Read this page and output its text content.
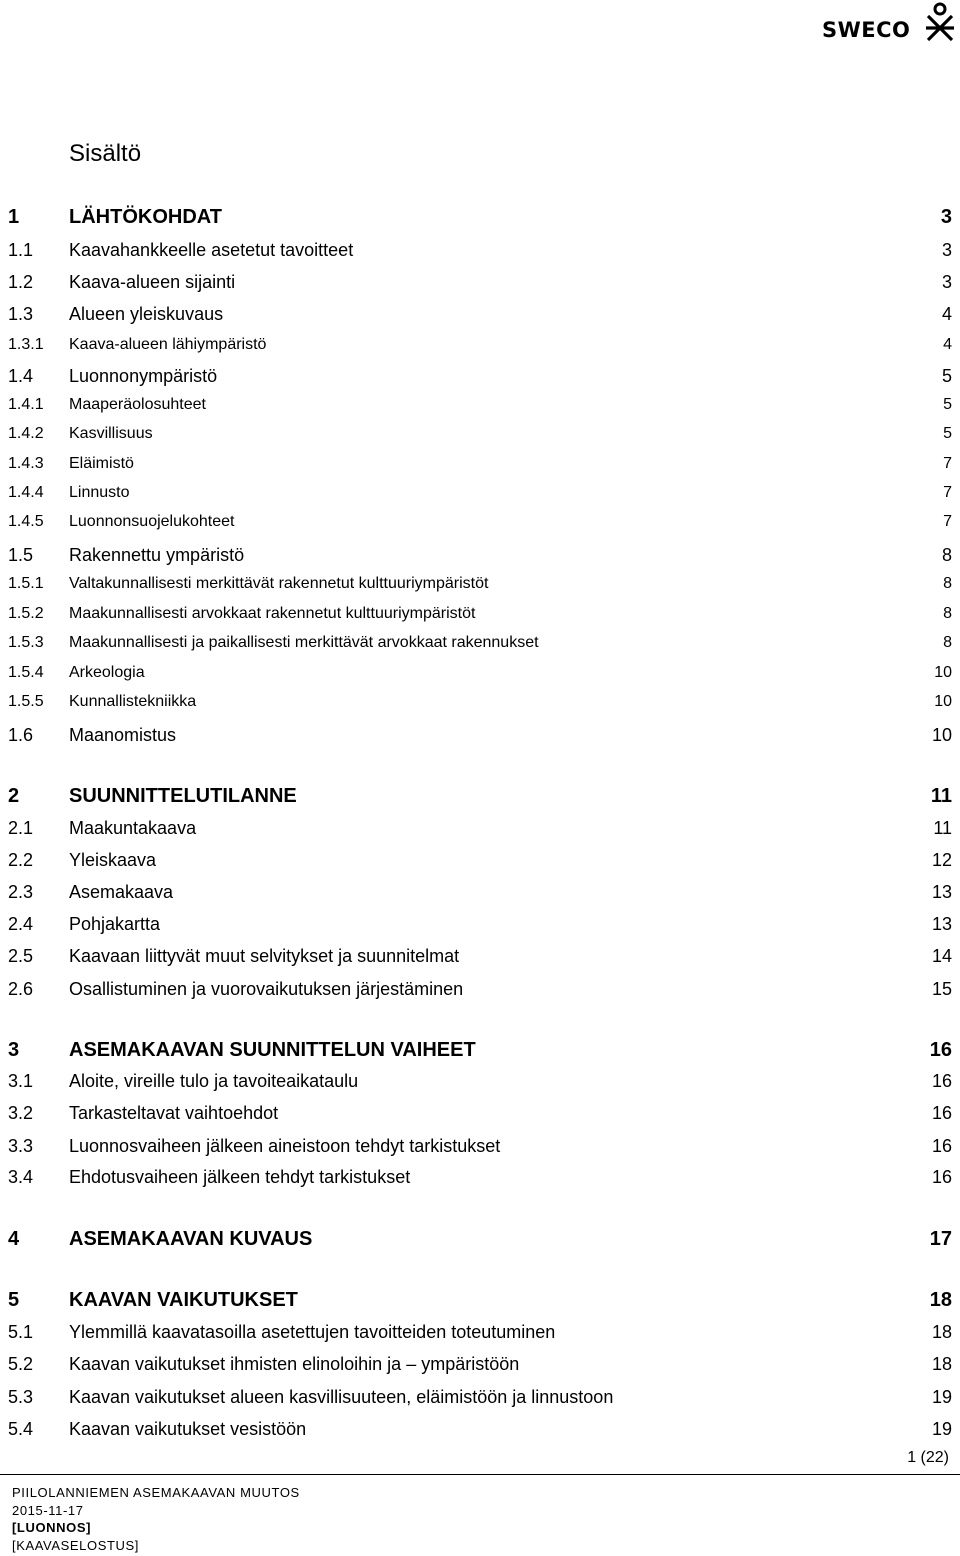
SWECO
Sisältö
1 LÄHTÖKOHDAT	3
1.1 Kaavahankkeelle asetetut tavoitteet	3
1.2 Kaava-alueen sijainti	3
1.3 Alueen yleiskuvaus	4
1.3.1 Kaava-alueen lähiympäristö	4
1.4 Luonnonympäristö	5
1.4.1 Maaperäolosuhteet	5
1.4.2 Kasvillisuus	5
1.4.3 Eläimistö	7
1.4.4 Linnusto	7
1.4.5 Luonnonsuojelukohteet	7
1.5 Rakennettu ympäristö	8
1.5.1 Valtakunnallisesti merkittävät rakennetut kulttuuriympäristöt	8
1.5.2 Maakunnallisesti arvokkaat rakennetut kulttuuriympäristöt	8
1.5.3 Maakunnallisesti ja paikallisesti merkittävät arvokkaat rakennukset	8
1.5.4 Arkeologia	10
1.5.5 Kunnallistekniikka	10
1.6 Maanomistus	10
2 SUUNNITTELUTILANNE	11
2.1 Maakuntakaava	11
2.2 Yleiskaava	12
2.3 Asemakaava	13
2.4 Pohjakartta	13
2.5 Kaavaan liittyvät muut selvitykset ja suunnitelmat	14
2.6 Osallistuminen ja vuorovaikutuksen järjestäminen	15
3 ASEMAKAAVAN SUUNNITTELUN VAIHEET	16
3.1 Aloite, vireille tulo ja tavoiteaikataulu	16
3.2 Tarkasteltavat vaihtoehdot	16
3.3 Luonnosvaiheen jälkeen aineistoon tehdyt tarkistukset	16
3.4 Ehdotusvaiheen jälkeen tehdyt tarkistukset	16
4 ASEMAKAAVAN KUVAUS	17
5 KAAVAN VAIKUTUKSET	18
5.1 Ylemmillä kaavatasoilla asetettujen tavoitteiden toteutuminen	18
5.2 Kaavan vaikutukset ihmisten elinoloihin ja – ympäristöön	18
5.3 Kaavan vaikutukset alueen kasvillisuuteen, eläimistöön ja linnustoon	19
5.4 Kaavan vaikutukset vesistöön	19
1 (22)
PIILOLANNIEMEN ASEMAKAAVAN MUUTOS
2015-11-17
[LUONNOS]
[KAAVASELOSTUS]
